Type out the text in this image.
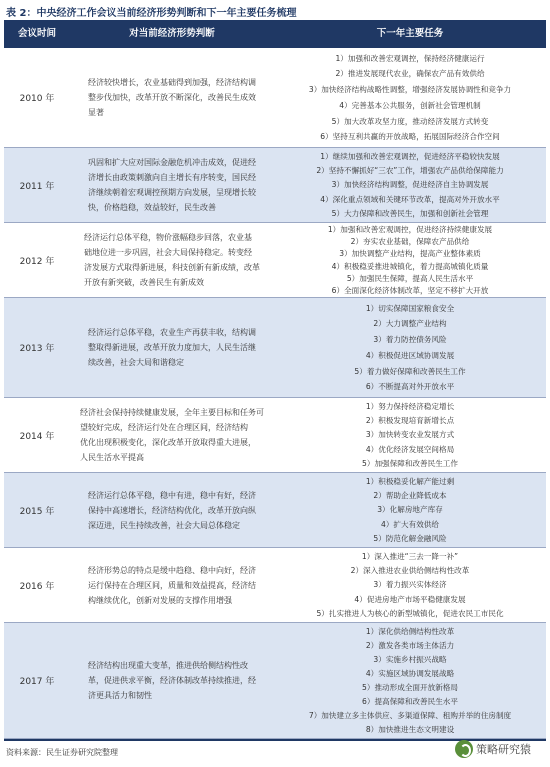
表 2：中央经济工作会议当前经济形势判断和下一年主要任务梳理
会议时间	对当前经济形势判断	下一年主要任务
2010 年
经济较快增长，农业基础得到加强，经济结构调
整步伐加快，改革开放不断深化，改善民生成效
显著
1）加强和改善宏观调控，保持经济健康运行
2）推进发展现代农业，确保农产品有效供给
3）加快经济结构战略性调整，增强经济发展协调性和竞争力
4）完善基本公共服务，创新社会管理机制
5）加大改革攻坚力度，推动经济发展方式转变
6）坚持互利共赢的开放战略，拓展国际经济合作空间
2011 年
巩固和扩大应对国际金融危机冲击成效，促进经
济增长由政策刺激向自主增长有序转变，国民经
济继续朝着宏观调控预期方向发展，呈现增长较
快，价格趋稳，效益较好，民生改善
1）继续加强和改善宏观调控，促进经济平稳较快发展
2）坚持不懈抓好“三农”工作，增强农产品供给保障能力
3）加快经济结构调整，促进经济自主协调发展
4）深化重点领域和关键环节改革，提高对外开放水平
5）大力保障和改善民生，加强和创新社会管理
2012 年
经济运行总体平稳，物价涨幅稳步回落，农业基
础地位进一步巩固，社会大局保持稳定。转变经
济发展方式取得新进展，科技创新有新成绩，改革
开放有新突破，改善民生有新成效
1）加强和改善宏观调控，促进经济持续健康发展
2）夯实农业基础，保障农产品供给
3）加快调整产业结构，提高产业整体素质
4）积极稳妥推进城镇化，着力提高城镇化质量
5）加强民生保障，提高人民生活水平
6）全面深化经济体制改革，坚定不移扩大开放
2013 年
经济运行总体平稳，农业生产再获丰收，结构调
整取得新进展，改革开放力度加大，人民生活继
续改善，社会大局和谐稳定
1）切实保障国家粮食安全
2）大力调整产业结构
3）着力防控债务风险
4）积极促进区域协调发展
5）着力做好保障和改善民生工作
6）不断提高对外开放水平
2014 年
经济社会保持持续健康发展，全年主要目标和任务可
望较好完成，经济运行处在合理区间，经济结构
优化出现积极变化，深化改革开放取得重大进展，
人民生活水平提高
1）努力保持经济稳定增长
2）积极发现培育新增长点
3）加快转变农业发展方式
4）优化经济发展空间格局
5）加强保障和改善民生工作
2015 年
经济运行总体平稳，稳中有进，稳中有好，经济
保持中高速增长，经济结构优化，改革开放向纵
深迈进，民生持续改善，社会大局总体稳定
1）积极稳妥化解产能过剩
2）帮助企业降低成本
3）化解房地产库存
4）扩大有效供给
5）防范化解金融风险
2016 年
经济形势总的特点是缓中趋稳、稳中向好，经济
运行保持在合理区间，质量和效益提高，经济结
构继续优化，创新对发展的支撑作用增强
1）深入推进“三去一降一补”
2）深入推进农业供给侧结构性改革
3）着力振兴实体经济
4）促进房地产市场平稳健康发展
5）扎实推进人为核心的新型城镇化，促进农民工市民化
2017 年
经济结构出现重大变革，推进供给侧结构性改
革，促进供求平衡，经济体制改革持续推进，经
济更具活力和韧性
1）深化供给侧结构性改革
2）激发各类市场主体活力
3）实施乡村振兴战略
4）实施区域协调发展战略
5）推动形成全面开放新格局
6）提高保障和改善民生水平
7）加快建立多主体供应、多渠道保障、租购并举的住房制度
8）加快推进生态文明建设
资料来源：民生证券研究院整理	策略研究猿
